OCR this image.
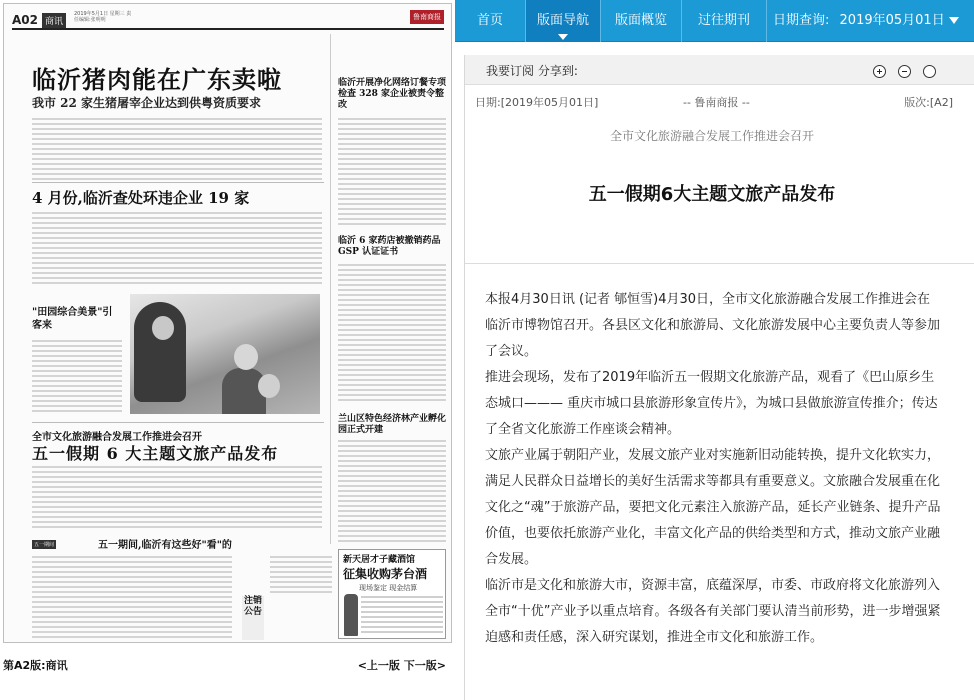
A02 商讯
2019年5月1日 星期三 责任编辑:张明明	鲁南商报
临沂猪肉能在广东卖啦
我市 22 家生猪屠宰企业达到供粤资质要求
4 月份,临沂查处环违企业 19 家
"田园综合美景"引客来
全市文化旅游融合发展工作推进会召开
五一假期 6 大主题文旅产品发布
五一期间	五一期间,临沂有这些好"看"的
注销公告
临沂开展净化网络订餐专项检查 328 家企业被责令整改
临沂 6 家药店被撤销药品 GSP 认证证书
兰山区特色经济林产业孵化园正式开建
新天居才子藏酒馆
征集收购茅台酒
现场鉴定 现金结算
第A2版:商讯	<上一版 下一版>
首页	版面导航	版面概览	过往期刊	日期查询: 2019年05月01日
我要订阅 分享到:

日期:[2019年05月01日]	-- 鲁南商报 --	版次:[A2]
全市文化旅游融合发展工作推进会召开
五一假期6大主题文旅产品发布

本报4月30日讯 (记者 郇恒雪)4月30日，全市文化旅游融合发展工作推进会在临沂市博物馆召开。各县区文化和旅游局、文化旅游发展中心主要负责人等参加了会议。

推进会现场，发布了2019年临沂五一假期文化旅游产品，观看了《巴山原乡生态城口——— 重庆市城口县旅游形象宣传片》，为城口县做旅游宣传推介；传达了全省文化旅游工作座谈会精神。

文旅产业属于朝阳产业，发展文旅产业对实施新旧动能转换，提升文化软实力，满足人民群众日益增长的美好生活需求等都具有重要意义。文旅融合发展重在化文化之“魂”于旅游产品，要把文化元素注入旅游产品，延长产业链条、提升产品价值，也要依托旅游产业化，丰富文化产品的供给类型和方式，推动文旅产业融合发展。

临沂市是文化和旅游大市，资源丰富，底蕴深厚，市委、市政府将文化旅游列入全市“十优”产业予以重点培育。各级各有关部门要认清当前形势，进一步增强紧迫感和责任感，深入研究谋划，推进全市文化和旅游工作。
